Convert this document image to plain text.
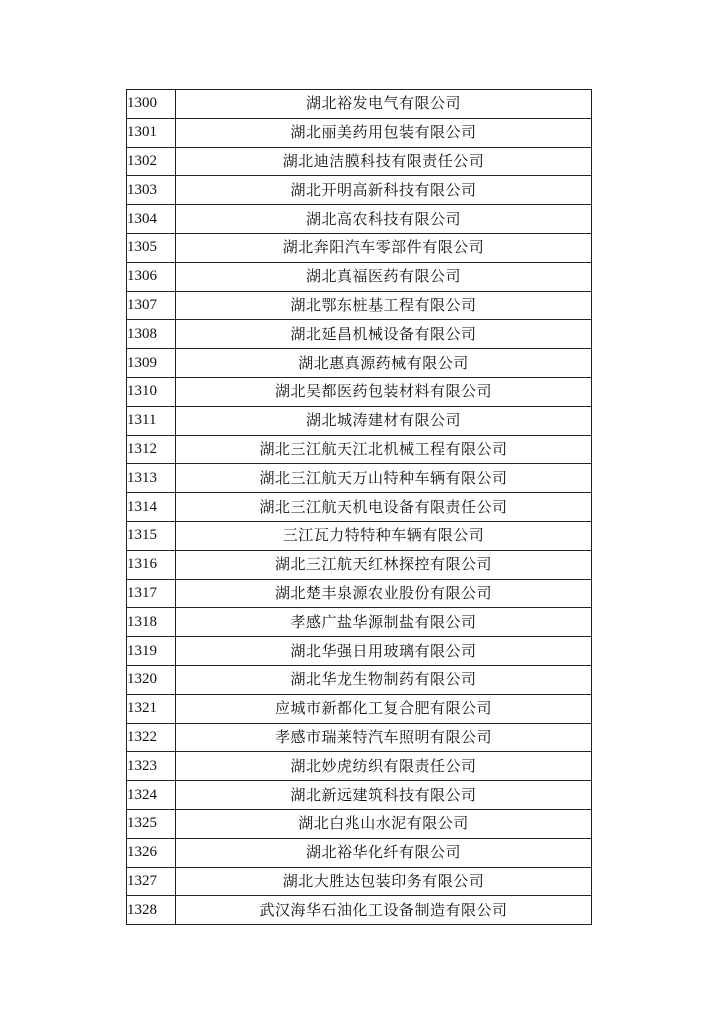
1300	湖北裕发电气有限公司
1301	湖北丽美药用包装有限公司
1302	湖北迪洁膜科技有限责任公司
1303	湖北开明高新科技有限公司
1304	湖北高农科技有限公司
1305	湖北奔阳汽车零部件有限公司
1306	湖北真福医药有限公司
1307	湖北鄂东桩基工程有限公司
1308	湖北延昌机械设备有限公司
1309	湖北惠真源药械有限公司
1310	湖北吴都医药包装材料有限公司
1311	湖北城涛建材有限公司
1312	湖北三江航天江北机械工程有限公司
1313	湖北三江航天万山特种车辆有限公司
1314	湖北三江航天机电设备有限责任公司
1315	三江瓦力特特种车辆有限公司
1316	湖北三江航天红林探控有限公司
1317	湖北楚丰泉源农业股份有限公司
1318	孝感广盐华源制盐有限公司
1319	湖北华强日用玻璃有限公司
1320	湖北华龙生物制药有限公司
1321	应城市新都化工复合肥有限公司
1322	孝感市瑞莱特汽车照明有限公司
1323	湖北妙虎纺织有限责任公司
1324	湖北新远建筑科技有限公司
1325	湖北白兆山水泥有限公司
1326	湖北裕华化纤有限公司
1327	湖北大胜达包装印务有限公司
1328	武汉海华石油化工设备制造有限公司
